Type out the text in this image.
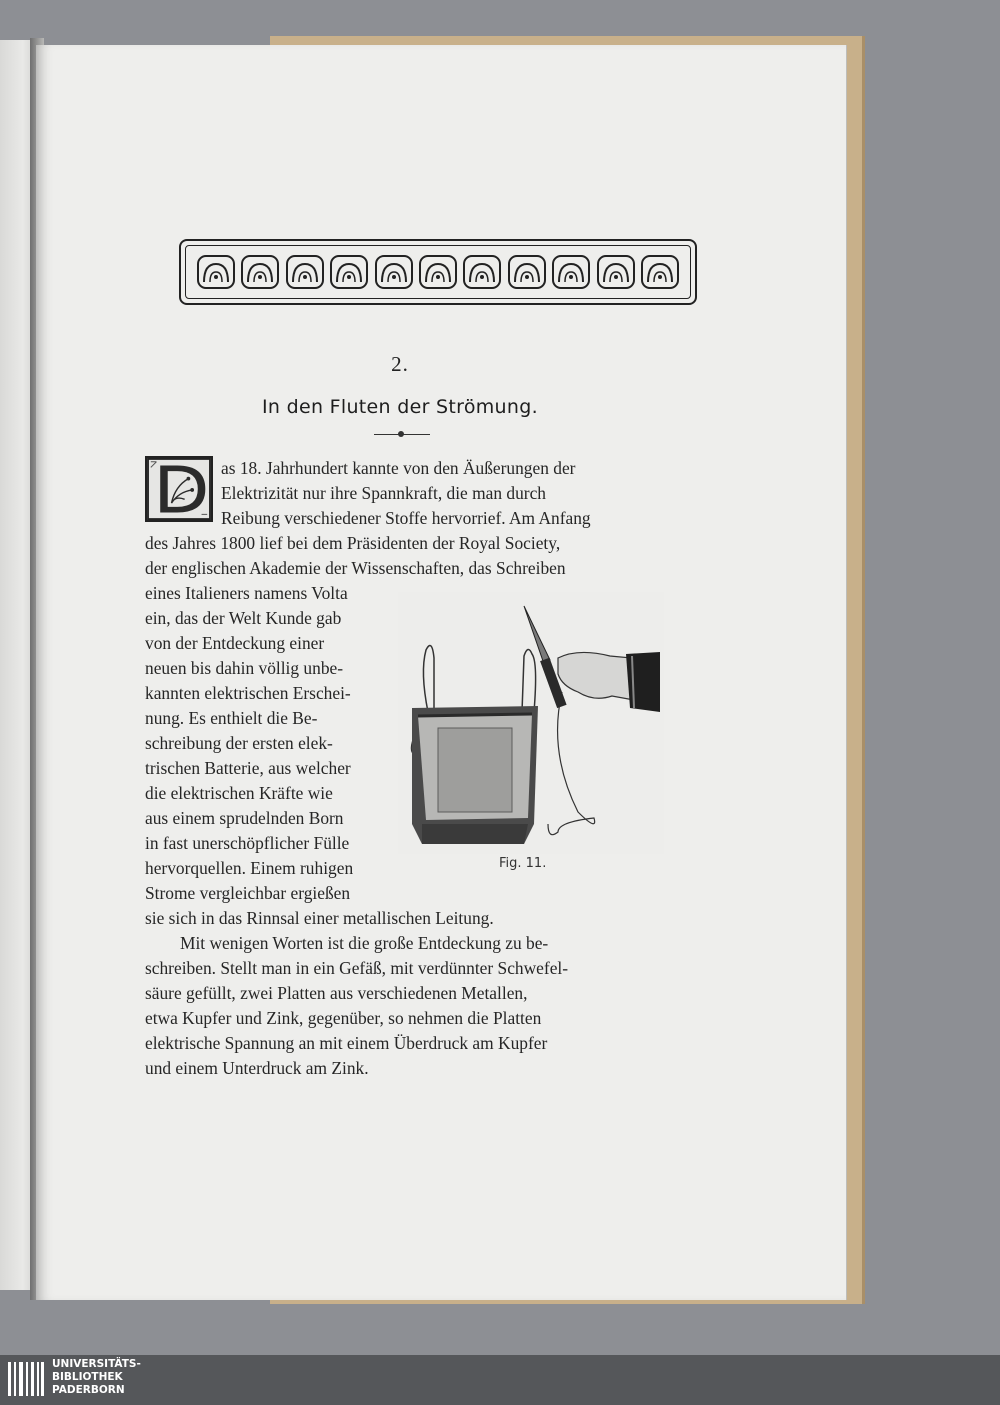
2.
In den Fluten der Strömung.
as 18. Jahrhundert kannte von den Äußerungen der
Elektrizität nur ihre Spannkraft, die man durch
Reibung verschiedener Stoffe hervorrief. Am Anfang
des Jahres 1800 lief bei dem Präsidenten der Royal Society,
der englischen Akademie der Wissenschaften, das Schreiben
eines Italieners namens Volta
ein, das der Welt Kunde gab
von der Entdeckung einer
neuen bis dahin völlig unbe-
kannten elektrischen Erschei-
nung. Es enthielt die Be-
schreibung der ersten elek-
trischen Batterie, aus welcher
die elektrischen Kräfte wie
aus einem sprudelnden Born
in fast unerschöpflicher Fülle
hervorquellen. Einem ruhigen
Strome vergleichbar ergießen
sie sich in das Rinnsal einer metallischen Leitung.
Mit wenigen Worten ist die große Entdeckung zu be-
schreiben. Stellt man in ein Gefäß, mit verdünnter Schwefel-
säure gefüllt, zwei Platten aus verschiedenen Metallen,
etwa Kupfer und Zink, gegenüber, so nehmen die Platten
elektrische Spannung an mit einem Überdruck am Kupfer
und einem Unterdruck am Zink.
Fig. 11.
UNIVERSITÄTS-
BIBLIOTHEK
PADERBORN
